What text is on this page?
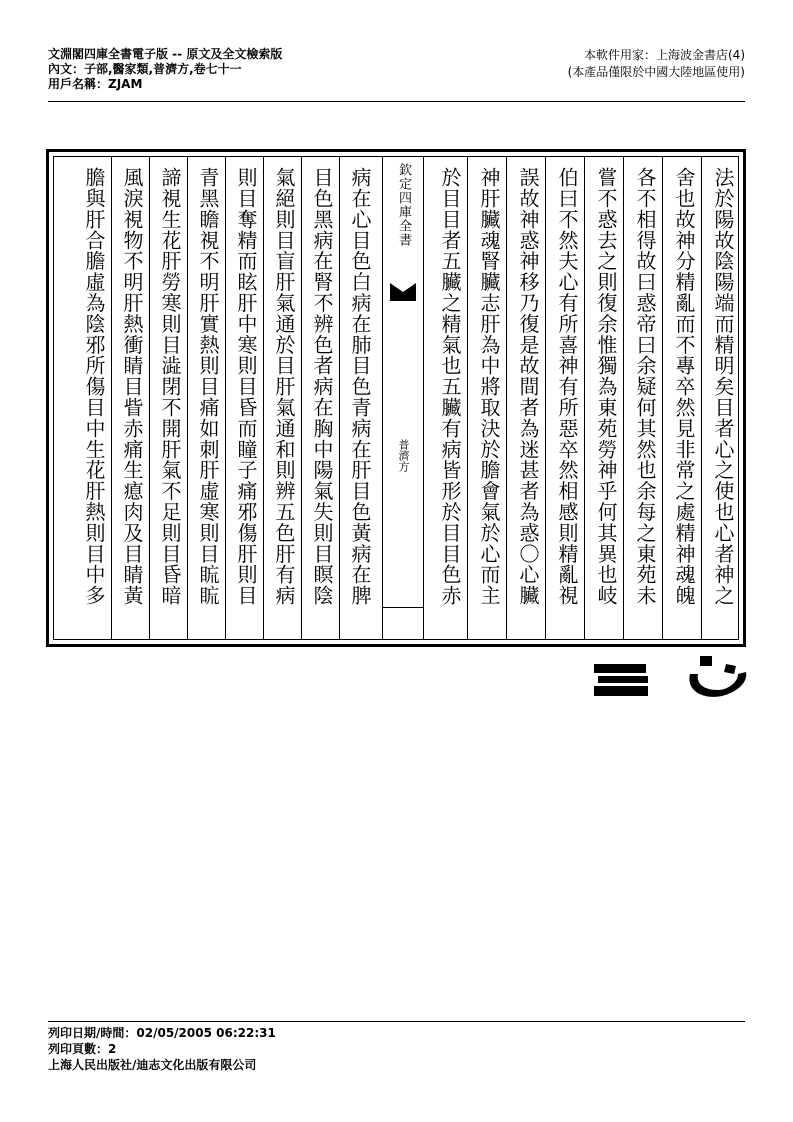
文淵閣四庫全書電子版 -- 原文及全文檢索版
內文：子部,醫家類,普濟方,卷七十一
用戶名稱：ZJAM
本軟件用家：上海波金書店(4)
(本產品僅限於中國大陸地區使用)
法於陽故陰陽端而精明矣目者心之使也心者神之
舍也故神分精亂而不專卒然見非常之處精神魂魄
各不相得故曰惑帝曰余疑何其然也余每之東苑未
嘗不惑去之則復余惟獨為東苑勞神乎何其異也岐
伯曰不然夫心有所喜神有所惡卒然相感則精亂視
誤故神惑神移乃復是故間者為迷甚者為惑〇心臟
神肝臟魂腎臟志肝為中將取決於膽會氣於心而主
於目目者五臟之精氣也五臟有病皆形於目目色赤
欽定四庫全書
普濟方
病在心目色白病在肺目色青病在肝目色黃病在脾
目色黑病在腎不辨色者病在胸中陽氣失則目瞑陰
氣絕則目盲肝氣通於目肝氣通和則辨五色肝有病
則目奪精而眩肝中寒則目昏而瞳子痛邪傷肝則目
青黑瞻視不明肝實熱則目痛如刺肝虛寒則目䀮䀮
諦視生花肝勞寒則目澁閉不開肝氣不足則目昏暗
風淚視物不明肝熱衝睛目眥赤痛生瘜肉及目睛黃
膽與肝合膽虛為陰邪所傷目中生花肝熱則目中多
列印日期/時間：02/05/2005 06:22:31
列印頁數：2
上海人民出版社/迪志文化出版有限公司
